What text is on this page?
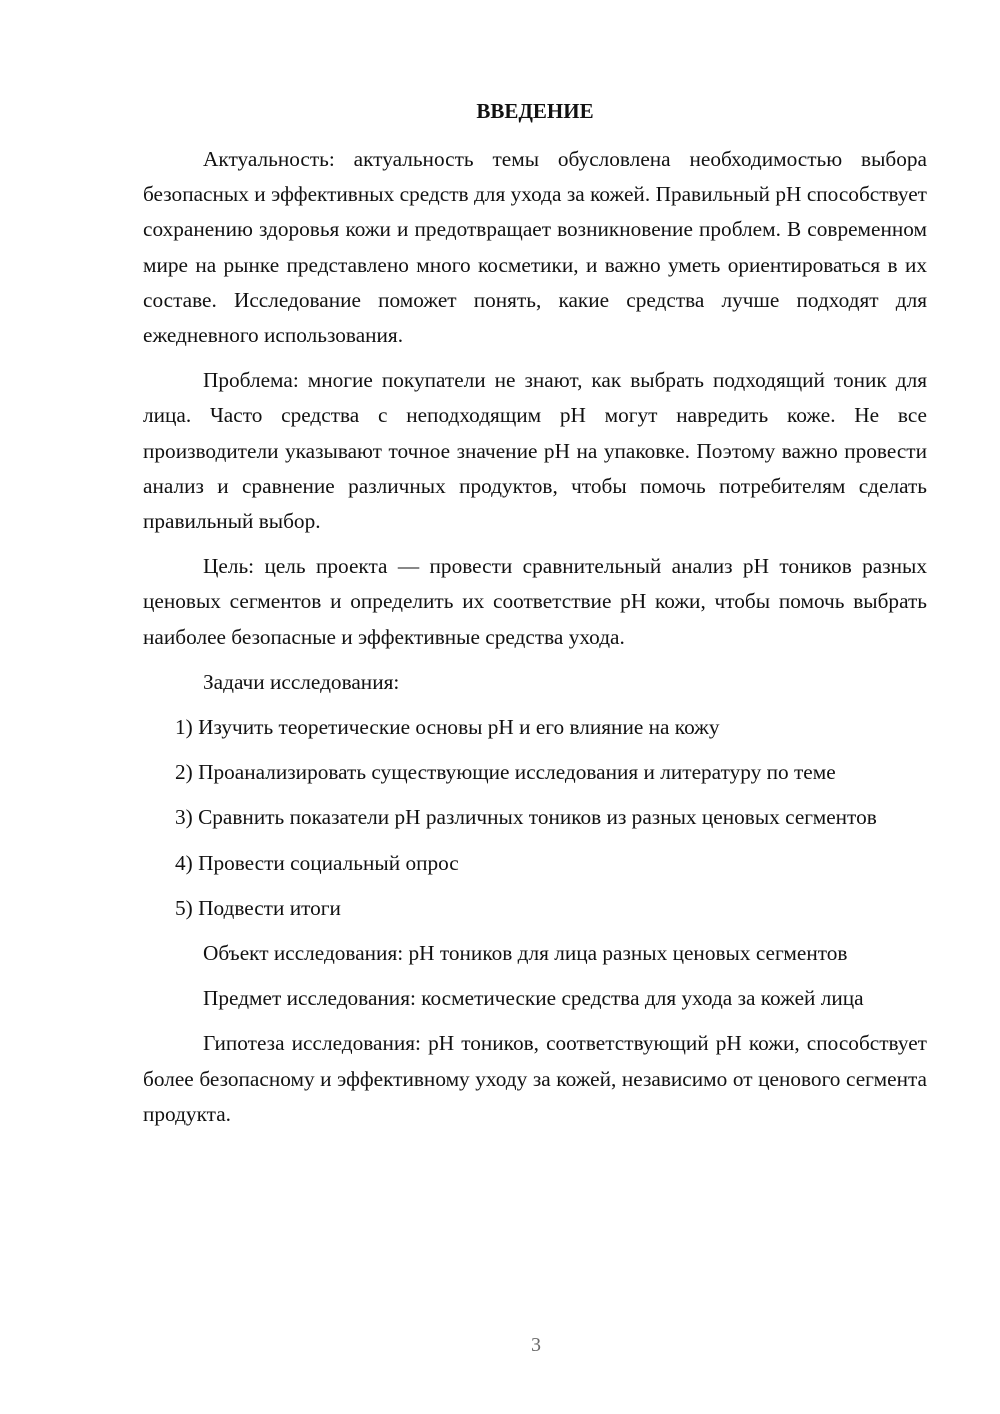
ВВЕДЕНИЕ

Актуальность: актуальность темы обусловлена необходимостью выбора безопасных и эффективных средств для ухода за кожей. Правильный pH способствует сохранению здоровья кожи и предотвращает возникновение проблем. В современном мире на рынке представлено много косметики, и важно уметь ориентироваться в их составе. Исследование поможет понять, какие средства лучше подходят для ежедневного использования.

Проблема: многие покупатели не знают, как выбрать подходящий тоник для лица. Часто средства с неподходящим pH могут навредить коже. Не все производители указывают точное значение pH на упаковке. Поэтому важно провести анализ и сравнение различных продуктов, чтобы помочь потребителям сделать правильный выбор.

Цель: цель проекта — провести сравнительный анализ pH тоников разных ценовых сегментов и определить их соответствие pH кожи, чтобы помочь выбрать наиболее безопасные и эффективные средства ухода.

Задачи исследования:

1) Изучить теоретические основы pH и его влияние на кожу

2) Проанализировать существующие исследования и литературу по теме

3) Сравнить показатели pH различных тоников из разных ценовых сегментов

4) Провести социальный опрос

5) Подвести итоги

Объект исследования: pH тоников для лица разных ценовых сегментов

Предмет исследования: косметические средства для ухода за кожей лица

Гипотеза исследования: pH тоников, соответствующий pH кожи, способствует более безопасному и эффективному уходу за кожей, независимо от ценового сегмента продукта.

3
